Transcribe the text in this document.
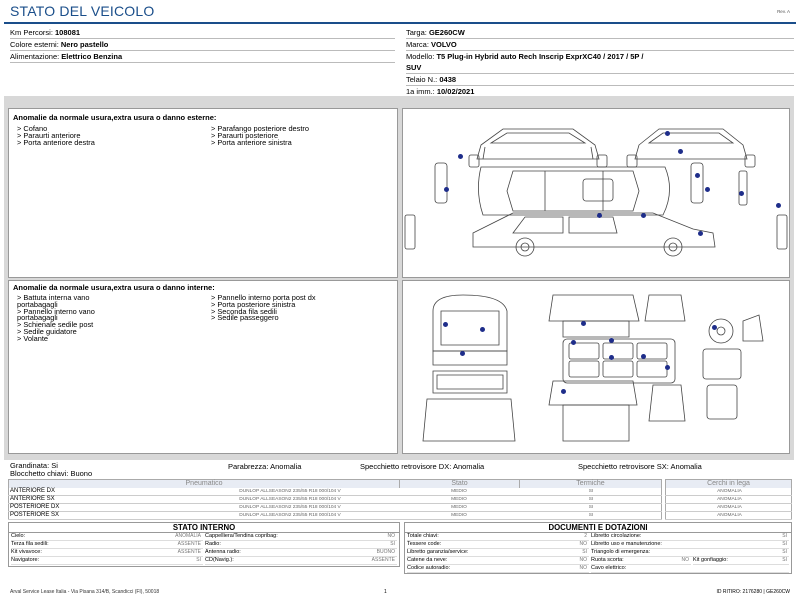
STATO DEL VEICOLO	Rev. A
Km Percorsi: 108081
Colore esterni: Nero pastello
Alimentazione: Elettrico Benzina
Targa: GE260CW
Marca: VOLVO
Modello: T5 Plug-in Hybrid auto Rech Inscrip ExprXC40 / 2017 / 5P /
SUV
Telaio N.: 0438
1a imm.: 10/02/2021
Anomalie da normale usura,extra usura o danno esterne:
> Cofano
> Paraurti anteriore
> Porta anteriore destra
> Parafango posteriore destro
> Paraurti posteriore
> Porta anteriore sinistra
Anomalie da normale usura,extra usura o danno interne:
> Battuta interna vano
portabagagli
> Pannello interno vano
portabagagli
> Schienale sedile post
> Sedile guidatore
> Volante
> Pannello interno porta post dx
> Porta posteriore sinistra
> Seconda fila sedili
> Sedile passeggero
Grandinata: Si
Blocchetto chiavi: Buono
Parabrezza: Anomalia	Specchietto retrovisore DX: Anomalia	Specchietto retrovisore SX: Anomalia
Pneumatico	Stato	Termiche	Cerchi in lega
ANTERIORE DX	DUNLOP ALLSEASON2 235/55 R18 000/104 V	MEDIO	SI	ANOMALIA
ANTERIORE SX	DUNLOP ALLSEASON2 235/55 R18 000/104 V	MEDIO	SI	ANOMALIA
POSTERIORE DX	DUNLOP ALLSEASON2 235/55 R18 000/104 V	MEDIO	SI	ANOMALIA
POSTERIORE SX	DUNLOP ALLSEASON2 235/55 R18 000/104 V	MEDIO	SI	ANOMALIA
STATO INTERNO
Cielo:	ANOMALIA Cappelliera/Tendina copribag:	NO
Terza fila sedili:	ASSENTE Radio:	SI
Kit vivavoce:	ASSENTE Antenna radio:	BUONO
Navigatore:	SI CD(Navig.):	ASSENTE
DOCUMENTI E DOTAZIONI
Totale chiavi:	2 Libretto circolazione:	SI
Tessere code:	NO Libretto uso e manutenzione:	SI
Libretto garanzia/service:	SI Triangolo di emergenza:	SI
Catene da neve:	NO Ruota scorta:	NO Kit gonfiaggio:	SI
Codice autoradio:	NO Cavo elettrico:
Arval Service Lease Italia - Via Pisana 314/B, Scandicci (FI), 50018	1	ID RITIRO: 2176280 | GE260CW
